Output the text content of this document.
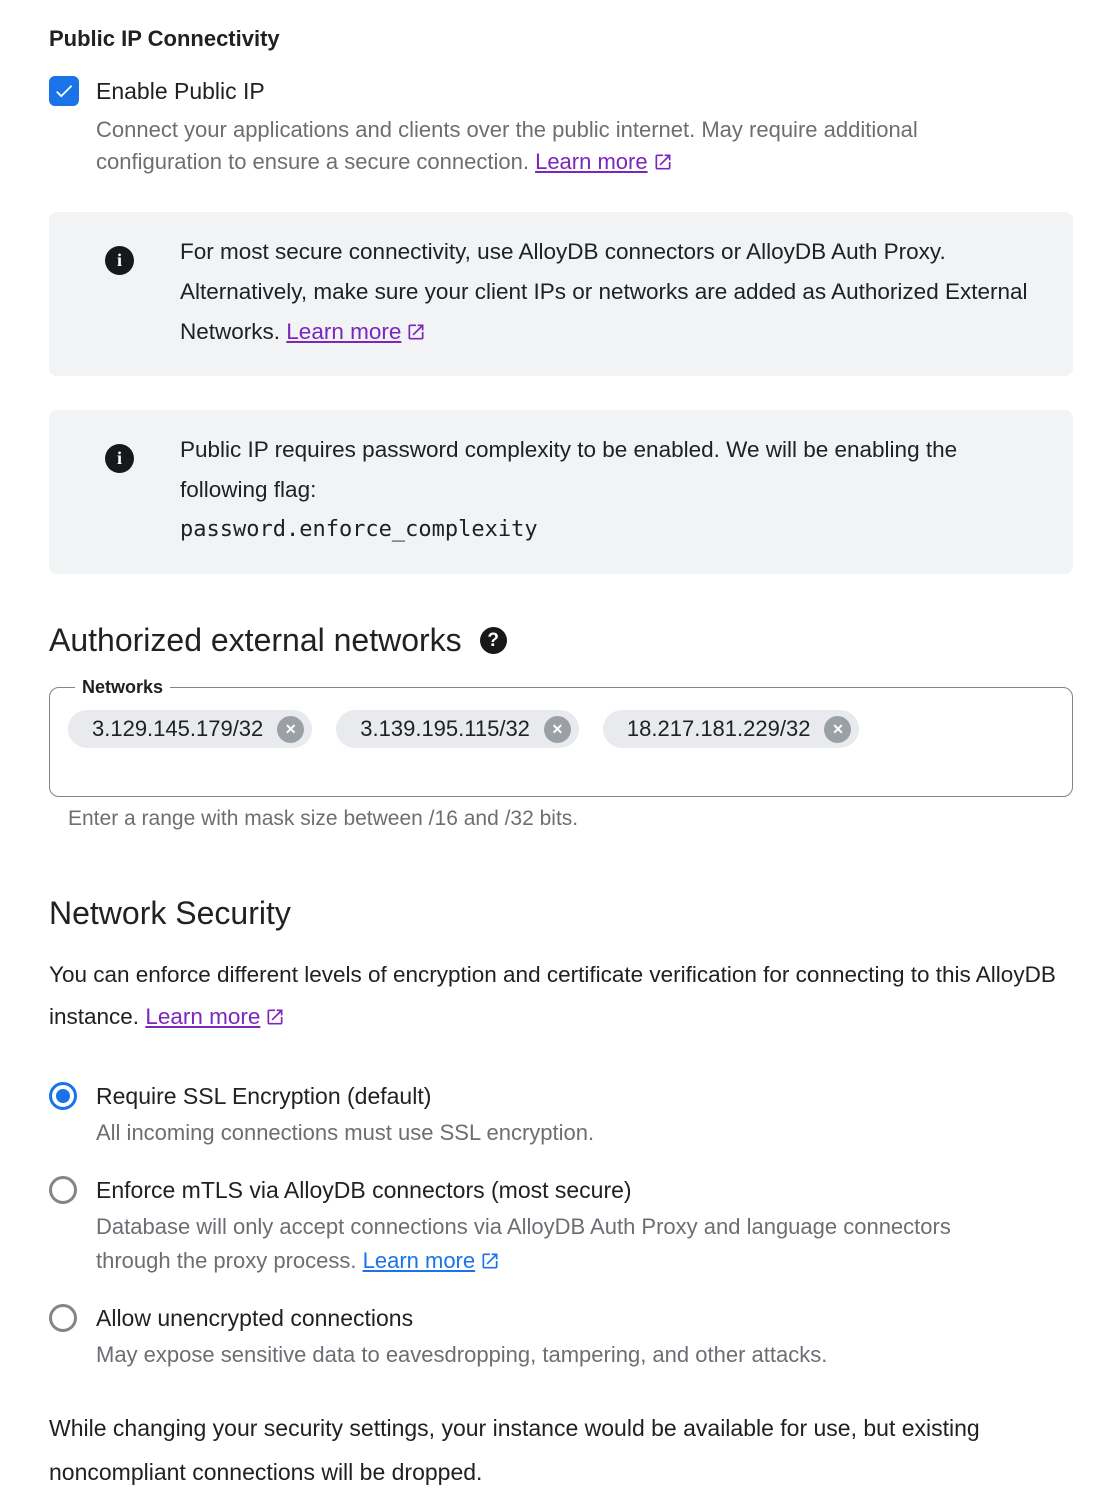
Public IP Connectivity
Enable Public IP
Connect your applications and clients over the public internet. May require additional configuration to ensure a secure connection. Learn more
i	For most secure connectivity, use AlloyDB connectors or AlloyDB Auth Proxy. Alternatively, make sure your client IPs or networks are added as Authorized External Networks. Learn more
i	Public IP requires password complexity to be enabled. We will be enabling the following flag:
password.enforce_complexity
Authorized external networks	?
Networks
3.129.145.179/32	✕	3.139.195.115/32	✕	18.217.181.229/32	✕
Enter a range with mask size between /16 and /32 bits.
Network Security
You can enforce different levels of encryption and certificate verification for connecting to this AlloyDB instance. Learn more
Require SSL Encryption (default)
All incoming connections must use SSL encryption.
Enforce mTLS via AlloyDB connectors (most secure)
Database will only accept connections via AlloyDB Auth Proxy and language connectors through the proxy process. Learn more
Allow unencrypted connections
May expose sensitive data to eavesdropping, tampering, and other attacks.
While changing your security settings, your instance would be available for use, but existing noncompliant connections will be dropped.
